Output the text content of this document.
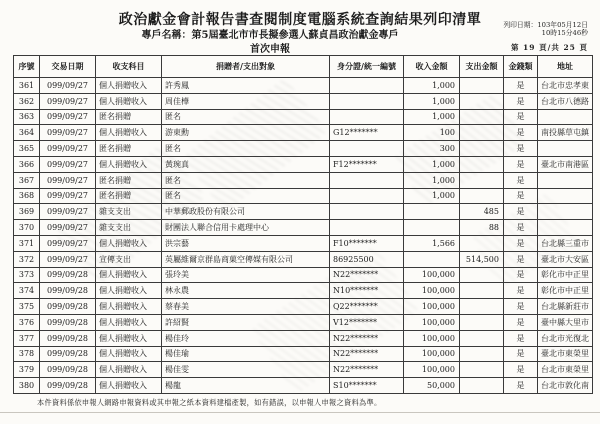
政治獻金會計報告書查閱制度電腦系統查詢結果列印清單
專戶名稱：第5屆臺北市市長擬參選人蘇貞昌政治獻金專戶
首次申報
列印日期：103年05月12日
10時15分46秒
第 19 頁/共 25 頁
序號	交易日期	收支科目	捐贈者/支出對象	身分證/統一編號	收入金額	支出金額	金錢類	地址
361	099/09/27	個人捐贈收入	許秀鳳		1,000		是	台北市忠孝東
362	099/09/27	個人捐贈收入	周佳樺		1,000		是	台北市八德路
363	099/09/27	匿名捐贈	匿名		1,000		是	
364	099/09/27	個人捐贈收入	游東勳	G12*******	100		是	南投縣草屯鎮
365	099/09/27	匿名捐贈	匿名		300		是	
366	099/09/27	個人捐贈收入	黃琬真	F12*******	1,000		是	臺北市南港區
367	099/09/27	匿名捐贈	匿名		1,000		是	
368	099/09/27	匿名捐贈	匿名		1,000		是	
369	099/09/27	雜支支出	中華郵政股份有限公司			485	是	
370	099/09/27	雜支支出	財團法人聯合信用卡處理中心			88	是	
371	099/09/27	個人捐贈收入	洪宗藝	F10*******	1,566		是	台北縣三重市
372	099/09/27	宣傳支出	英屬維爾京群島商菓空傳媒有限公司	86925500		514,500	是	臺北市大安區
373	099/09/28	個人捐贈收入	張玲美	N22*******	100,000		是	彰化市中正里
374	099/09/28	個人捐贈收入	林永農	N10*******	100,000		是	彰化市中正里
375	099/09/28	個人捐贈收入	蔡春美	Q22*******	100,000		是	台北縣新莊市
376	099/09/28	個人捐贈收入	許紹賢	V12*******	100,000		是	臺中縣大里市
377	099/09/28	個人捐贈收入	楊佳玲	N22*******	100,000		是	台北市光復北
378	099/09/28	個人捐贈收入	楊佳瑜	N22*******	100,000		是	臺北市東榮里
379	099/09/28	個人捐贈收入	楊佳雯	N22*******	100,000		是	台北市東榮里
380	099/09/28	個人捐贈收入	楊龍	S10*******	50,000		是	台北市敦化南
本件資料係依申報人網路申報資料或其申報之紙本資料建檔產製，如有錯誤，以申報人申報之資料為準。
